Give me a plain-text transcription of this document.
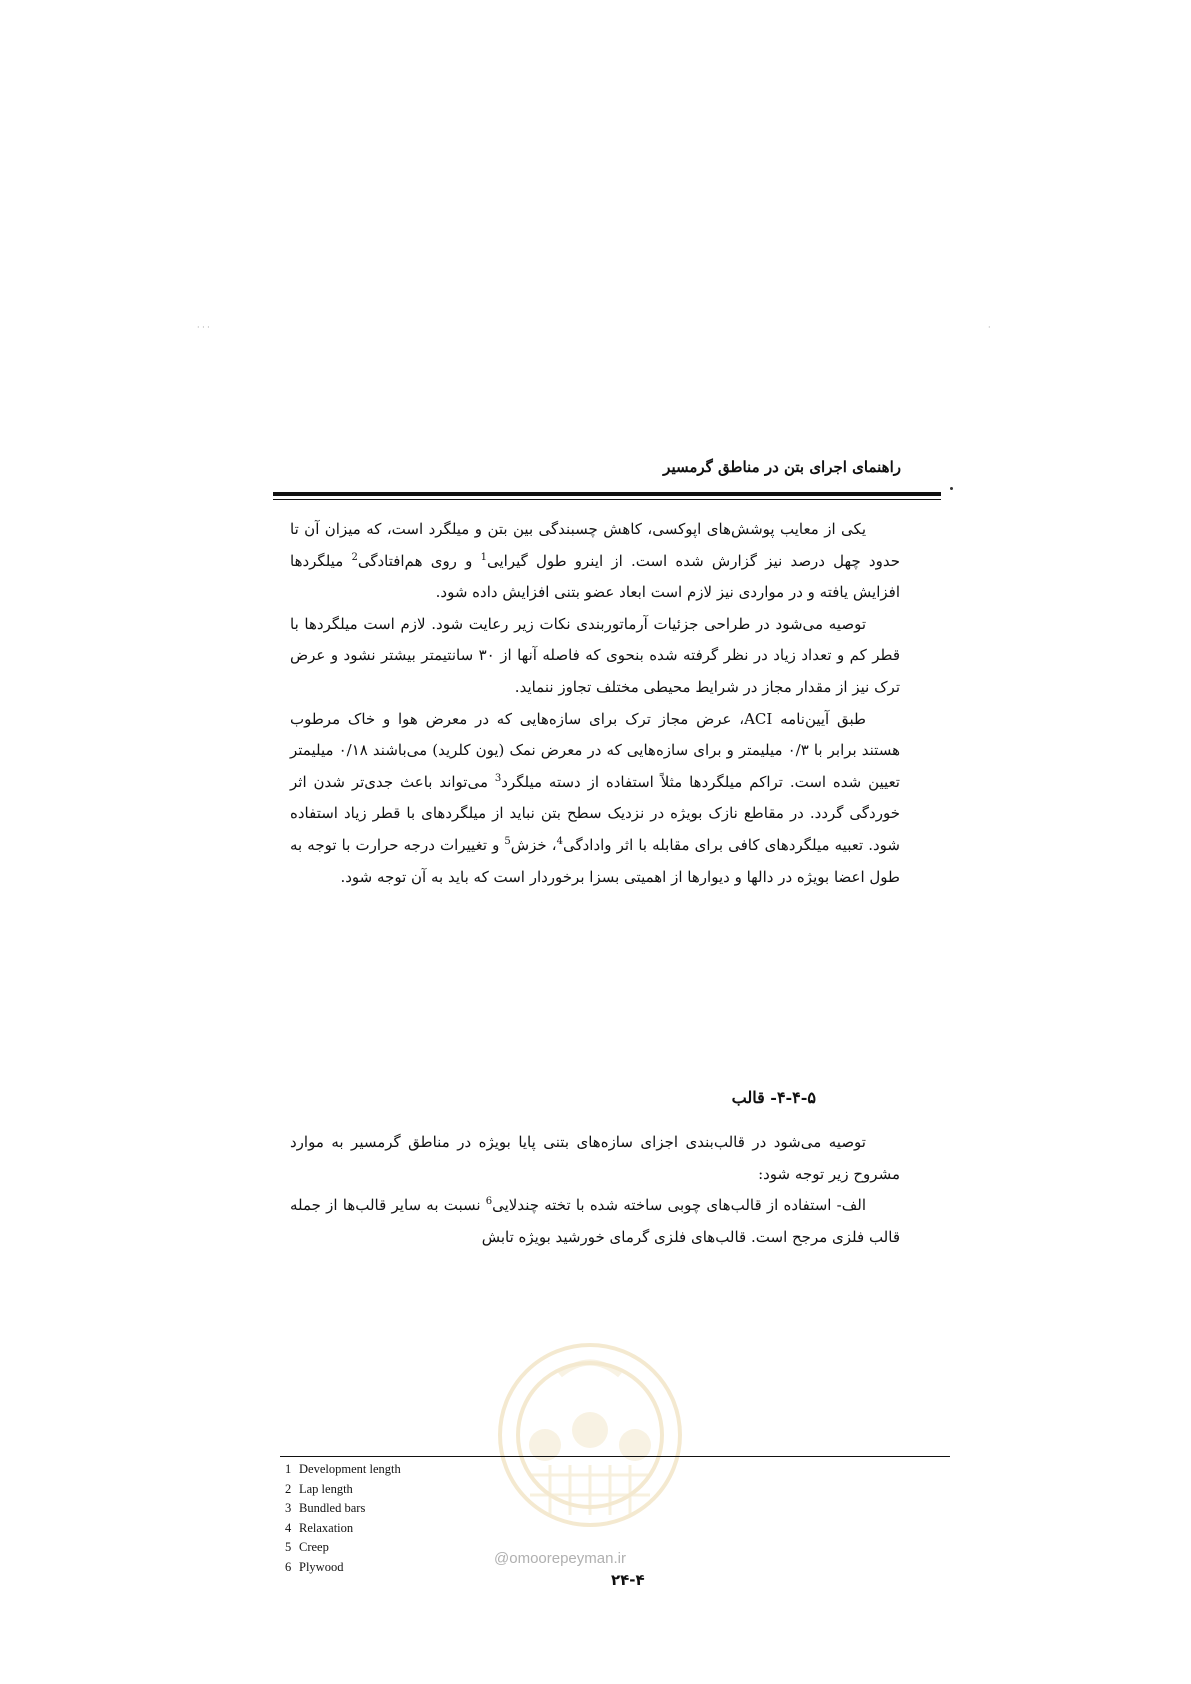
· · ·	·
راهنمای اجرای بتن در مناطق گرمسیر

یکی از معایب پوشش‌های اپوکسی، کاهش چسبندگی بین بتن و میلگرد است، که میزان آن تا حدود چهل درصد نیز گزارش شده است. از اینرو طول گیرایی$^1$ و روی هم‌افتادگی$^2$ میلگردها افزایش یافته و در مواردی نیز لازم است ابعاد عضو بتنی افزایش داده شود.

توصیه می‌شود در طراحی جزئیات آرماتوربندی نکات زیر رعایت شود. لازم است میلگردها با قطر کم و تعداد زیاد در نظر گرفته شده بنحوی که فاصله آنها از ۳۰ سانتیمتر بیشتر نشود و عرض ترک نیز از مقدار مجاز در شرایط محیطی مختلف تجاوز ننماید.

طبق آیین‌نامه ACI، عرض مجاز ترک برای سازه‌هایی که در معرض هوا و خاک مرطوب هستند برابر با ۰/۳ میلیمتر و برای سازه‌هایی که در معرض نمک (یون کلرید) می‌باشند ۰/۱۸ میلیمتر تعیین شده است. تراکم میلگردها مثلاً استفاده از دسته میلگرد$^3$ می‌تواند باعث جدی‌تر شدن اثر خوردگی گردد. در مقاطع نازک بویژه در نزدیک سطح بتن نباید از میلگردهای با قطر زیاد استفاده شود. تعبیه میلگردهای کافی برای مقابله با اثر وادادگی$^4$، خزش$^5$ و تغییرات درجه حرارت با توجه به طول اعضا بویژه در دالها و دیوارها از اهمیتی بسزا برخوردار است که باید به آن توجه شود.

۴-۴-۵- قالب

توصیه می‌شود در قالب‌بندی اجزای سازه‌های بتنی پایا بویژه در مناطق گرمسیر به موارد مشروح زیر توجه شود:

الف- استفاده از قالب‌های چوبی ساخته شده با تخته چندلایی$^6$ نسبت به سایر قالب‌ها از جمله قالب فلزی مرجح است. قالب‌های فلزی گرمای خورشید بویژه تابش

1 Development length
2 Lap length
3 Bundled bars
4 Relaxation
5 Creep
6 Plywood	@omoorepeyman.ir
۲۴-۴
